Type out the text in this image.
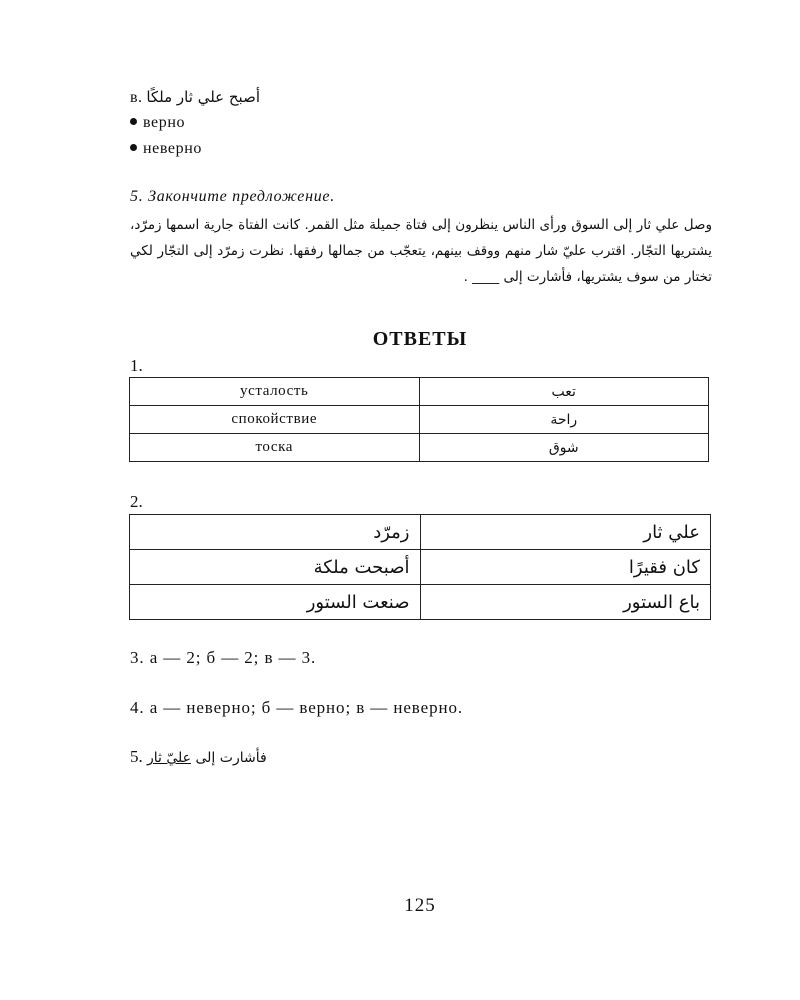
в. أصبح علي ثار ملكًا
верно
неверно
5. Закончите предложение.
وصل علي ثار إلى السوق ورأى الناس ينظرون إلى فتاة جميلة مثل القمر. كانت الفتاة جارية اسمها زمرّد، يشتريها التجّار. اقترب عليّ شار منهم ووقف بينهم، يتعجّب من جمالها رفقها. نظرت زمرّد إلى التجّار لكي تختار من سوف يشتريها، فأشارت إلى ____ .
ОТВЕТЫ
1.
усталость	تعب
спокойствие	راحة
тоска	شوق
2.
زمرّد	علي ثار
أصبحت ملكة	كان فقيرًا
صنعت الستور	باع الستور
3. а — 2; б — 2; в — 3.
4. а — неверно; б — верно; в — неверно.
5.	فأشارت إلى عليّ ثار
125
